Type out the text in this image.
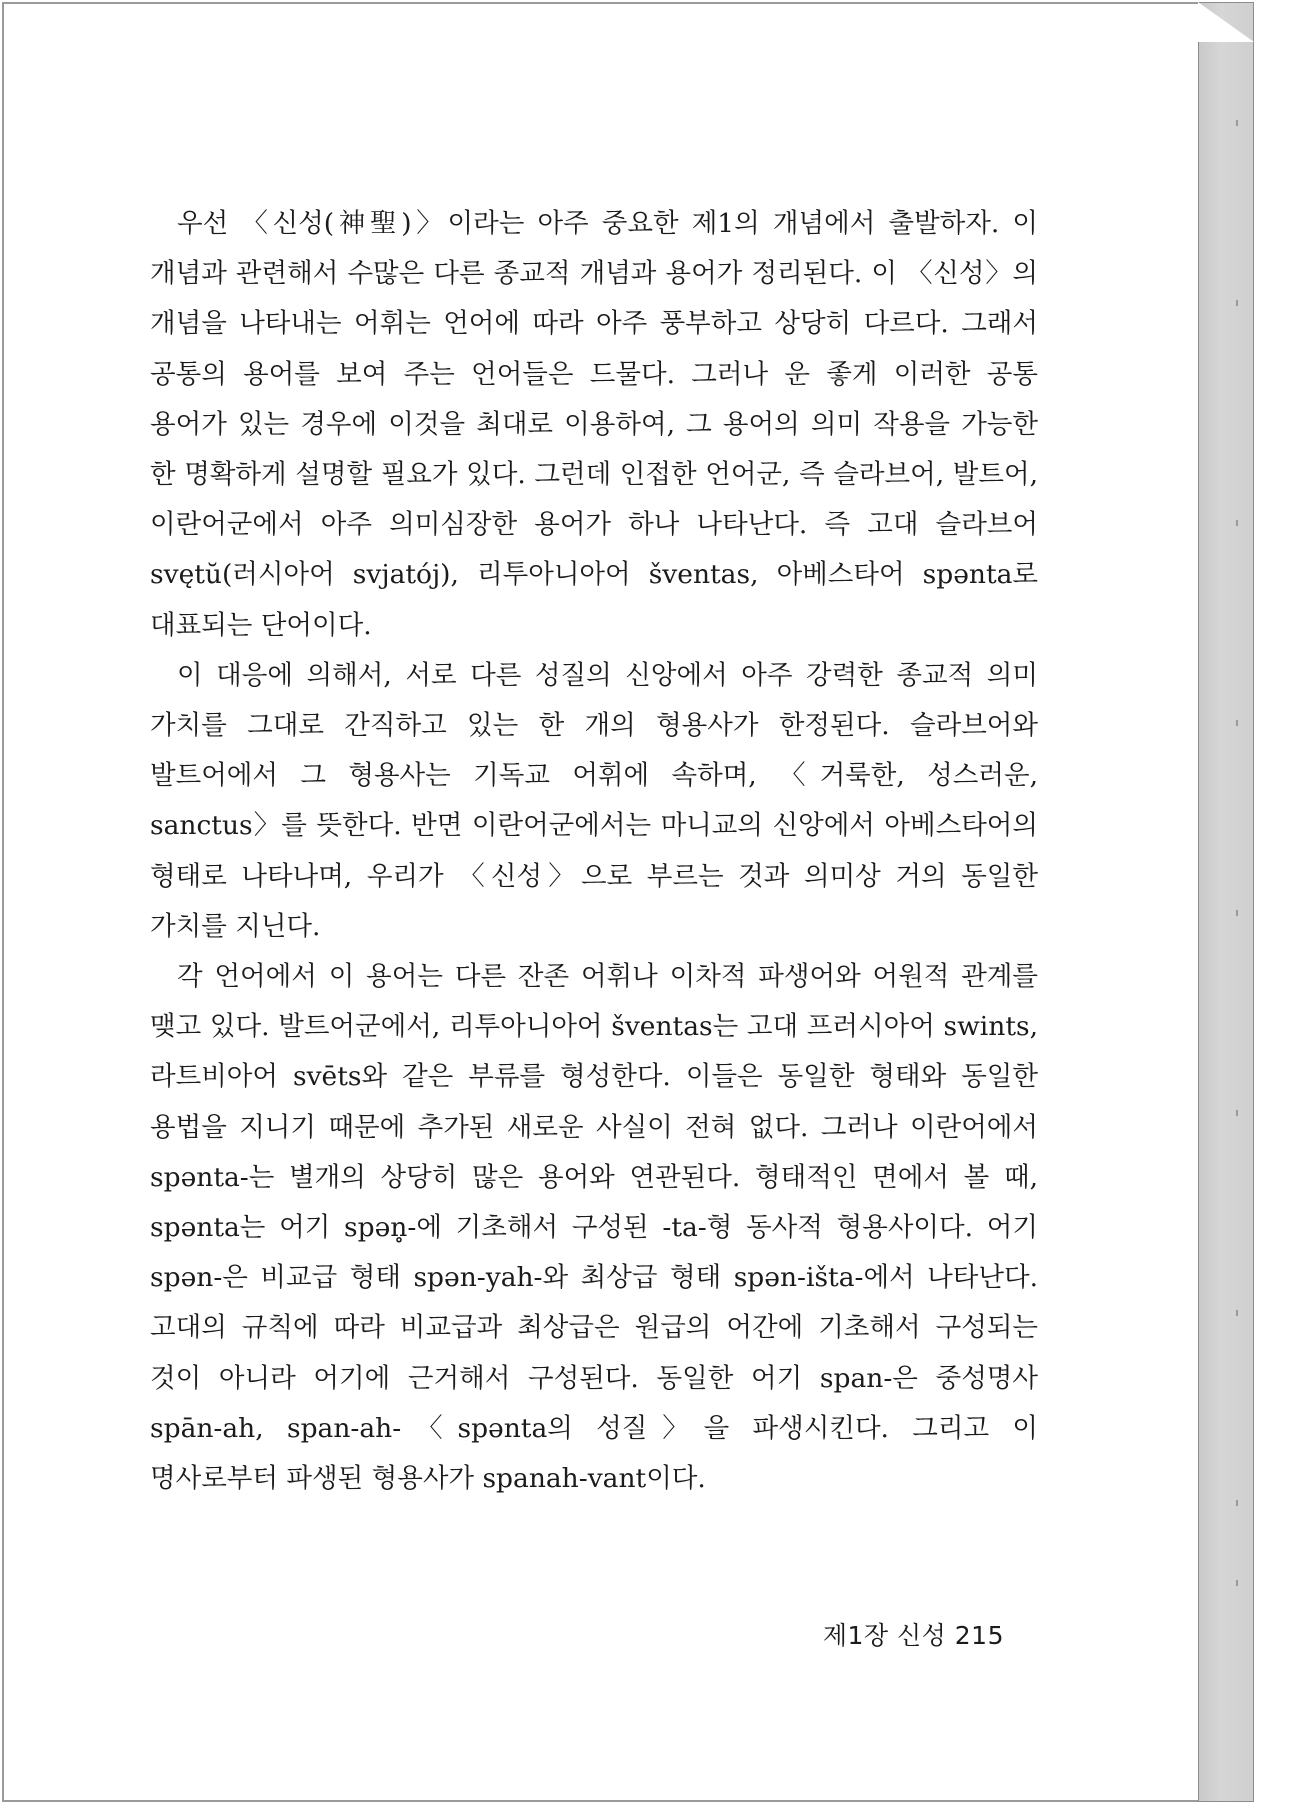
우선 〈신성(神聖)〉이라는 아주 중요한 제1의 개념에서 출발하자. 이 개념과 관련해서 수많은 다른 종교적 개념과 용어가 정리된다. 이 〈신성〉의 개념을 나타내는 어휘는 언어에 따라 아주 풍부하고 상당히 다르다. 그래서 공통의 용어를 보여 주는 언어들은 드물다. 그러나 운 좋게 이러한 공통 용어가 있는 경우에 이것을 최대로 이용하여, 그 용어의 의미 작용을 가능한 한 명확하게 설명할 필요가 있다. 그런데 인접한 언어군, 즉 슬라브어, 발트어, 이란어군에서 아주 의미심장한 용어가 하나 나타난다. 즉 고대 슬라브어 svętŭ(러시아어 svjatój), 리투아니아어 šventas, 아베스타어 spənta로 대표되는 단어이다.

이 대응에 의해서, 서로 다른 성질의 신앙에서 아주 강력한 종교적 의미 가치를 그대로 간직하고 있는 한 개의 형용사가 한정된다. 슬라브어와 발트어에서 그 형용사는 기독교 어휘에 속하며, 〈거룩한, 성스러운, sanctus〉를 뜻한다. 반면 이란어군에서는 마니교의 신앙에서 아베스타어의 형태로 나타나며, 우리가 〈신성〉으로 부르는 것과 의미상 거의 동일한 가치를 지닌다.

각 언어에서 이 용어는 다른 잔존 어휘나 이차적 파생어와 어원적 관계를 맺고 있다. 발트어군에서, 리투아니아어 šventas는 고대 프러시아어 swints, 라트비아어 svēts와 같은 부류를 형성한다. 이들은 동일한 형태와 동일한 용법을 지니기 때문에 추가된 새로운 사실이 전혀 없다. 그러나 이란어에서 spənta-는 별개의 상당히 많은 용어와 연관된다. 형태적인 면에서 볼 때, spənta는 어기 spən̥-에 기초해서 구성된 -ta-형 동사적 형용사이다. 어기 spən-은 비교급 형태 spən-yah-와 최상급 형태 spən-išta-에서 나타난다. 고대의 규칙에 따라 비교급과 최상급은 원급의 어간에 기초해서 구성되는 것이 아니라 어기에 근거해서 구성된다. 동일한 어기 span-은 중성명사 spān-ah, span-ah-〈spənta의 성질〉을 파생시킨다. 그리고 이 명사로부터 파생된 형용사가 spanah-vant이다.

제1장 신성 215
